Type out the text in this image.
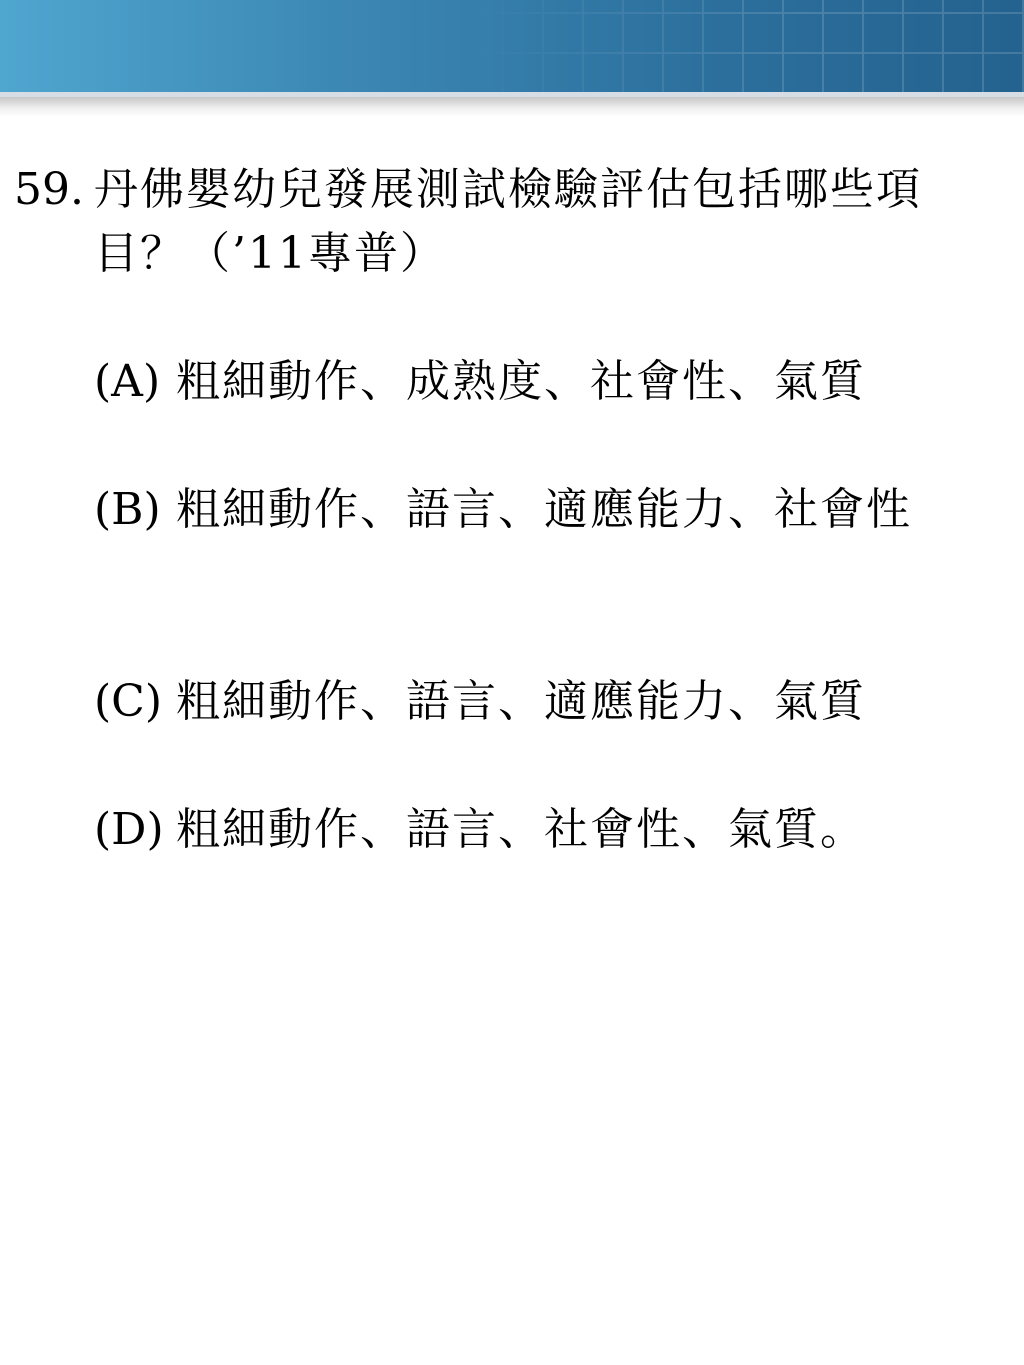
59. 丹佛嬰幼兒發展測試檢驗評估包括哪些項目？（’11專普）
(A) 粗細動作、成熟度、社會性、氣質
(B) 粗細動作、語言、適應能力、社會性
(C) 粗細動作、語言、適應能力、氣質
(D) 粗細動作、語言、社會性、氣質。
